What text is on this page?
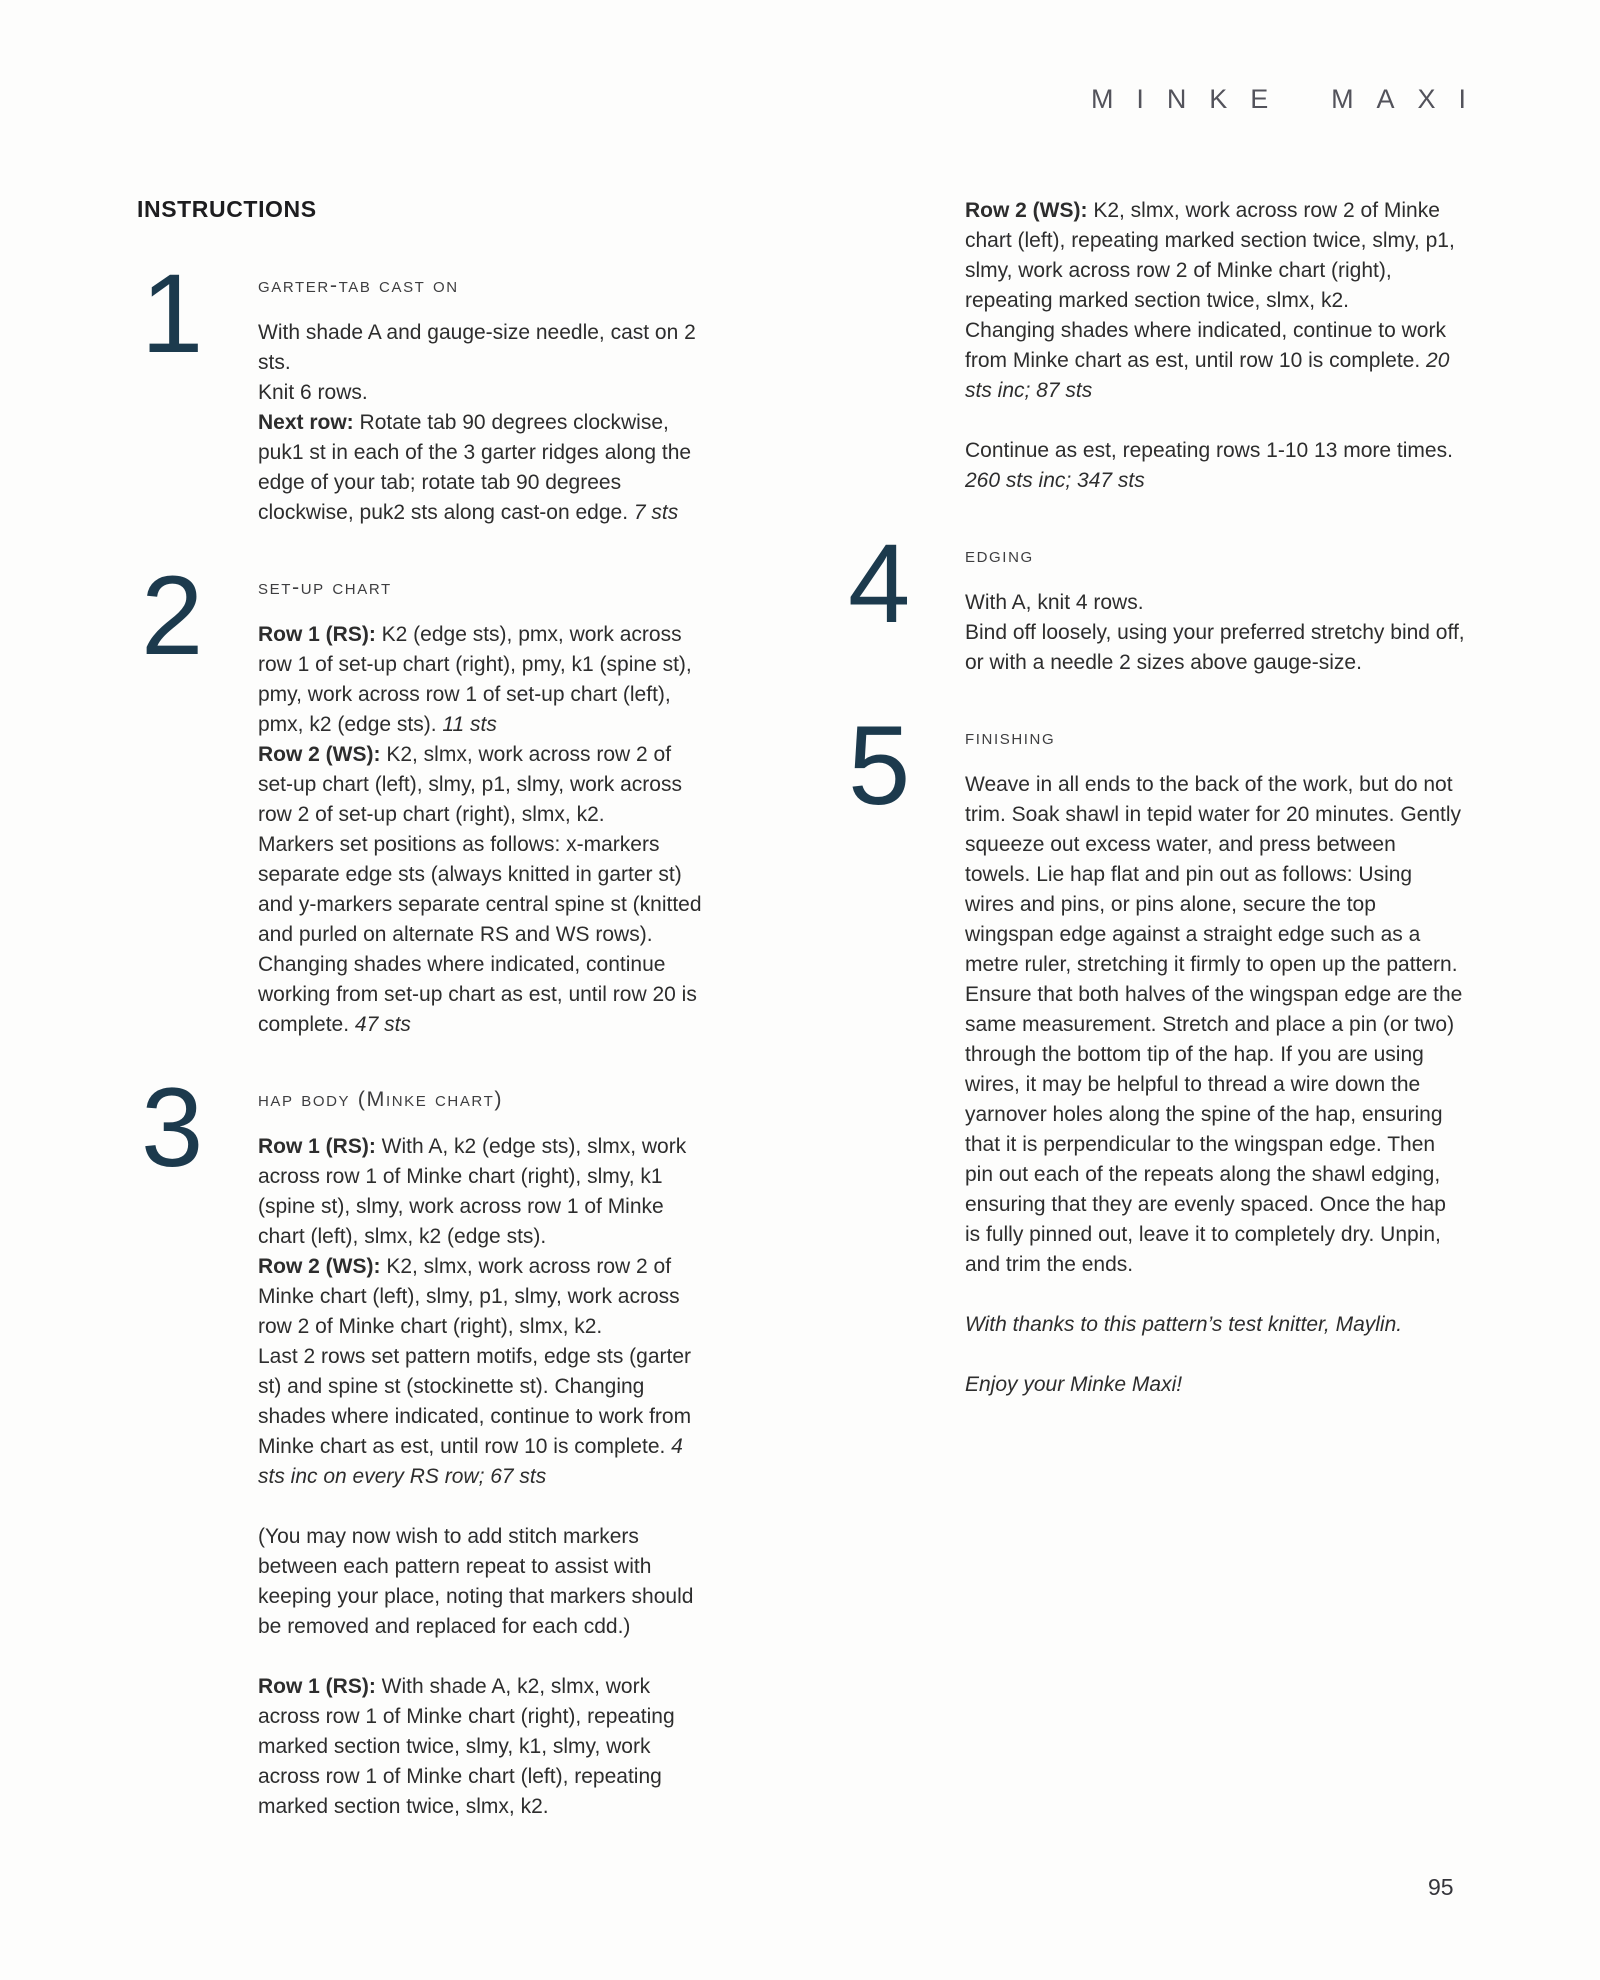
MINKE MAXI
INSTRUCTIONS
1	garter-tab cast on

With shade A and gauge-size needle, cast on 2 sts.

Knit 6 rows.

Next row: Rotate tab 90 degrees clockwise, puk1 st in each of the 3 garter ridges along the edge of your tab; rotate tab 90 degrees clockwise, puk2 sts along cast-on edge. 7 sts

2	set-up chart

Row 1 (RS): K2 (edge sts), pmx, work across row 1 of set-up chart (right), pmy, k1 (spine st), pmy, work across row 1 of set-up chart (left), pmx, k2 (edge sts). 11 sts

Row 2 (WS): K2, slmx, work across row 2 of set-up chart (left), slmy, p1, slmy, work across row 2 of set-up chart (right), slmx, k2.

Markers set positions as follows: x-markers separate edge sts (always knitted in garter st) and y-markers separate central spine st (knitted and purled on alternate RS and WS rows).

Changing shades where indicated, continue working from set-up chart as est, until row 20 is complete. 47 sts

3	hap body (Minke chart)

Row 1 (RS): With A, k2 (edge sts), slmx, work across row 1 of Minke chart (right), slmy, k1 (spine st), slmy, work across row 1 of Minke chart (left), slmx, k2 (edge sts).

Row 2 (WS): K2, slmx, work across row 2 of Minke chart (left), slmy, p1, slmy, work across row 2 of Minke chart (right), slmx, k2.

Last 2 rows set pattern motifs, edge sts (garter st) and spine st (stockinette st). Changing shades where indicated, continue to work from Minke chart as est, until row 10 is complete. 4 sts inc on every RS row; 67 sts

(You may now wish to add stitch markers between each pattern repeat to assist with keeping your place, noting that markers should be removed and replaced for each cdd.)

Row 1 (RS): With shade A, k2, slmx, work across row 1 of Minke chart (right), repeating marked section twice, slmy, k1, slmy, work across row 1 of Minke chart (left), repeating marked section twice, slmx, k2.

Row 2 (WS): K2, slmx, work across row 2 of Minke chart (left), repeating marked section twice, slmy, p1, slmy, work across row 2 of Minke chart (right), repeating marked section twice, slmx, k2.

Changing shades where indicated, continue to work from Minke chart as est, until row 10 is complete. 20 sts inc; 87 sts

Continue as est, repeating rows 1-10 13 more times. 260 sts inc; 347 sts

4	edging

With A, knit 4 rows.

Bind off loosely, using your preferred stretchy bind off, or with a needle 2 sizes above gauge-size.

5	finishing

Weave in all ends to the back of the work, but do not trim. Soak shawl in tepid water for 20 minutes. Gently squeeze out excess water, and press between towels. Lie hap flat and pin out as follows: Using wires and pins, or pins alone, secure the top wingspan edge against a straight edge such as a metre ruler, stretching it firmly to open up the pattern. Ensure that both halves of the wingspan edge are the same measurement. Stretch and place a pin (or two) through the bottom tip of the hap. If you are using wires, it may be helpful to thread a wire down the yarnover holes along the spine of the hap, ensuring that it is perpendicular to the wingspan edge. Then pin out each of the repeats along the shawl edging, ensuring that they are evenly spaced. Once the hap is fully pinned out, leave it to completely dry. Unpin, and trim the ends.

With thanks to this pattern’s test knitter, Maylin.

Enjoy your Minke Maxi!

95
